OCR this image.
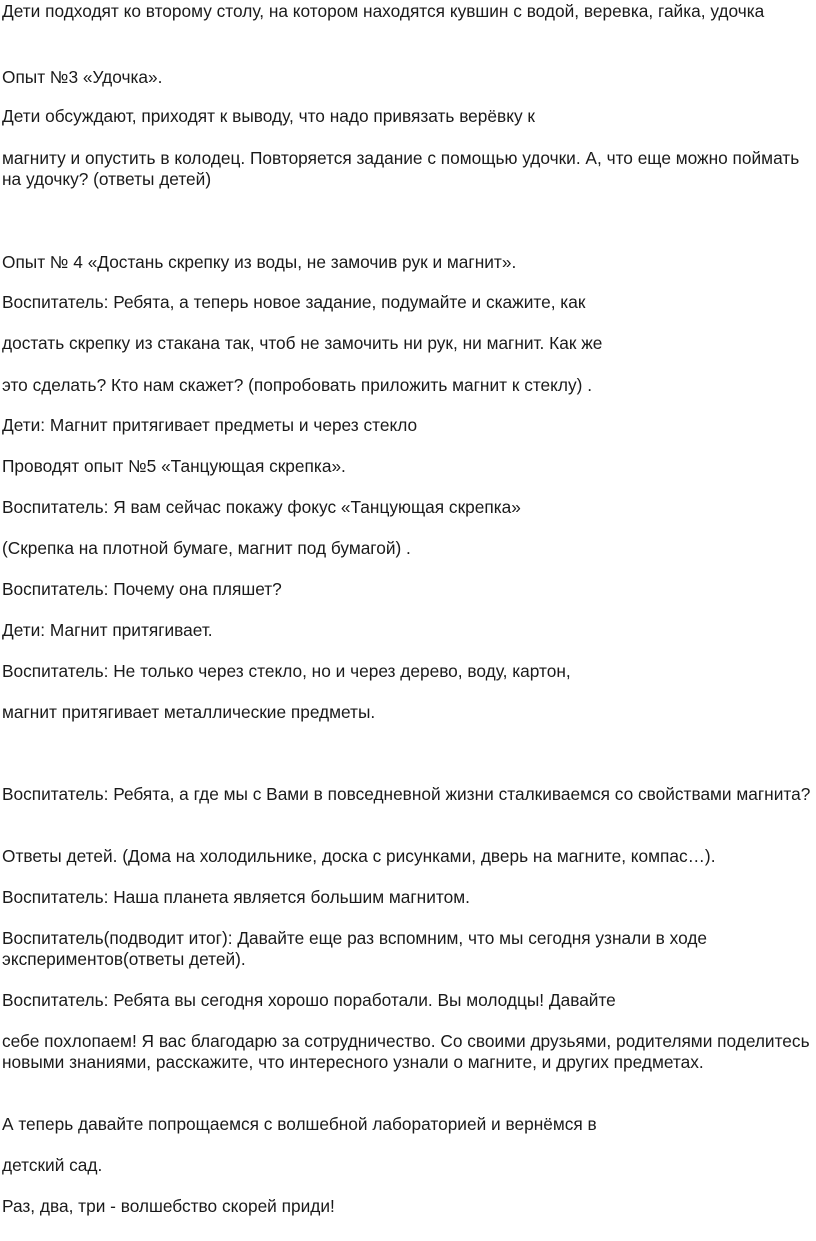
Дети подходят ко второму столу, на котором находятся кувшин с водой, веревка, гайка, удочка

Опыт №3 «Удочка».

Дети обсуждают, приходят к выводу, что надо привязать верёвку к

магниту и опустить в колодец. Повторяется задание с помощью удочки. А, что еще можно поймать на удочку? (ответы детей)

Опыт № 4 «Достань скрепку из воды, не замочив рук и магнит».

Воспитатель: Ребята, а теперь новое задание, подумайте и скажите, как

достать скрепку из стакана так, чтоб не замочить ни рук, ни магнит. Как же

это сделать? Кто нам скажет? (попробовать приложить магнит к стеклу) .

Дети: Магнит притягивает предметы и через стекло

Проводят опыт №5 «Танцующая скрепка».

Воспитатель: Я вам сейчас покажу фокус «Танцующая скрепка»

(Скрепка на плотной бумаге, магнит под бумагой) .

Воспитатель: Почему она пляшет?

Дети: Магнит притягивает.

Воспитатель: Не только через стекло, но и через дерево, воду, картон,

магнит притягивает металлические предметы.

Воспитатель: Ребята, а где мы с Вами в повседневной жизни сталкиваемся со свойствами магнита?

Ответы детей. (Дома на холодильнике, доска с рисунками, дверь на магните, компас…).

Воспитатель: Наша планета является большим магнитом.

Воспитатель(подводит итог): Давайте еще раз вспомним, что мы сегодня узнали в ходе экспериментов(ответы детей).

Воспитатель: Ребята вы сегодня хорошо поработали. Вы молодцы! Давайте

себе похлопаем! Я вас благодарю за сотрудничество. Со своими друзьями, родителями поделитесь новыми знаниями, расскажите, что интересного узнали о магните, и других предметах.

А теперь давайте попрощаемся с волшебной лабораторией и вернёмся в

детский сад.

Раз, два, три - волшебство скорей приди!
